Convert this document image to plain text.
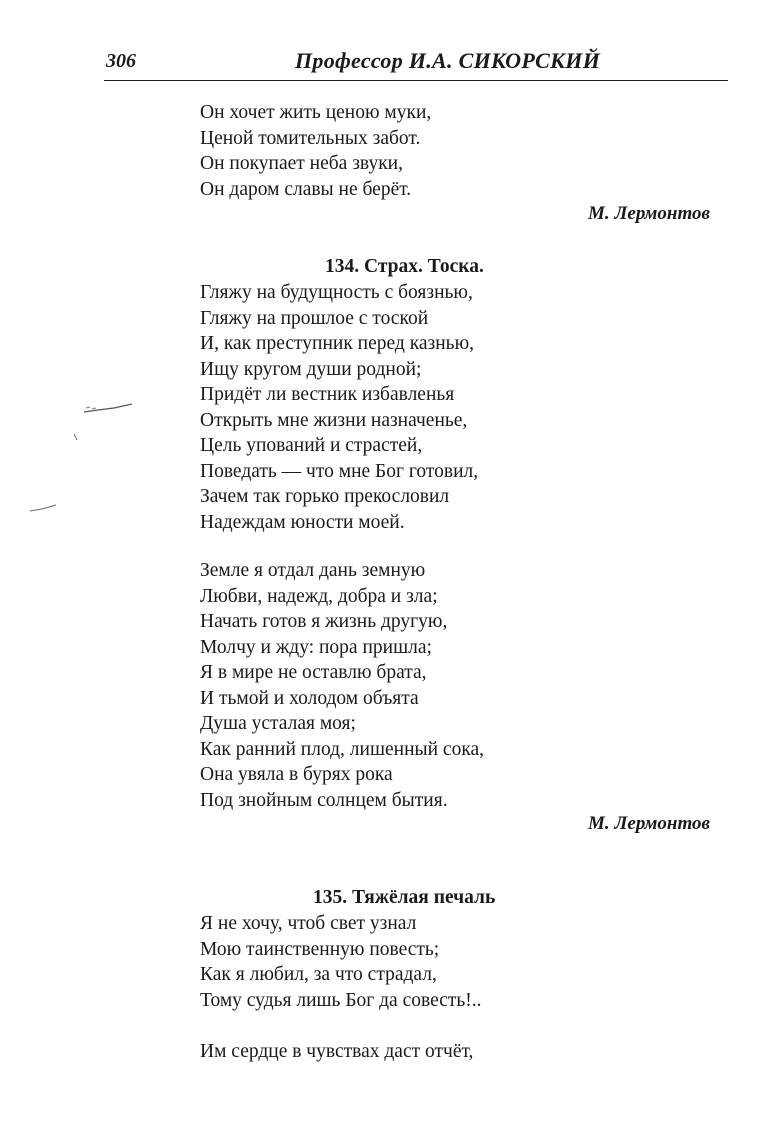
306	Профессор И.А. СИКОРСКИЙ
Он хочет жить ценою муки,
Ценой томительных забот.
Он покупает неба звуки,
Он даром славы не берёт.
М. Лермонтов
134. Страх. Тоска.
Гляжу на будущность с боязнью,
Гляжу на прошлое с тоской
И, как преступник перед казнью,
Ищу кругом души родной;
Придёт ли вестник избавленья
Открыть мне жизни назначенье,
Цель упований и страстей,
Поведать — что мне Бог готовил,
Зачем так горько прекословил
Надеждам юности моей.
Земле я отдал дань земную
Любви, надежд, добра и зла;
Начать готов я жизнь другую,
Молчу и жду: пора пришла;
Я в мире не оставлю брата,
И тьмой и холодом объята
Душа усталая моя;
Как ранний плод, лишенный сока,
Она увяла в бурях рока
Под знойным солнцем бытия.
М. Лермонтов
135. Тяжёлая печаль
Я не хочу, чтоб свет узнал
Мою таинственную повесть;
Как я любил, за что страдал,
Тому судья лишь Бог да совесть!..
Им сердце в чувствах даст отчёт,
